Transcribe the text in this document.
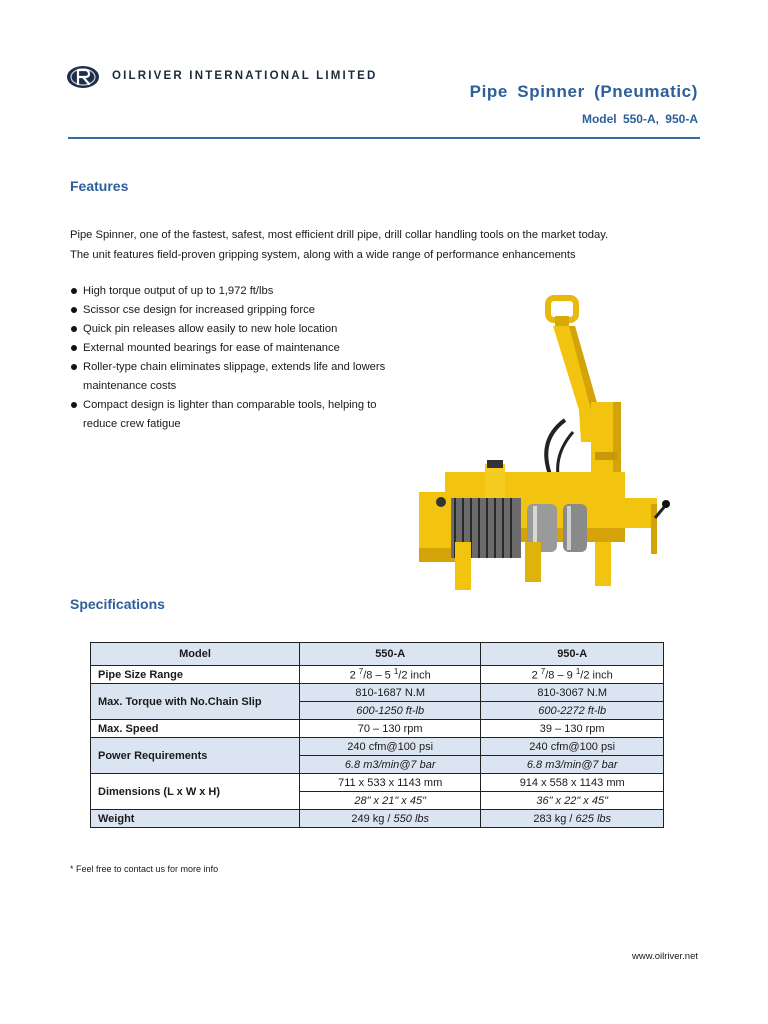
OILRIVER INTERNATIONAL LIMITED
Pipe Spinner (Pneumatic)
Model 550-A, 950-A
Features
Pipe Spinner, one of the fastest, safest, most efficient drill pipe, drill collar handling tools on the market today.
The unit features field-proven gripping system, along with a wide range of performance enhancements
High torque output of up to 1,972 ft/lbs
Scissor cse design for increased gripping force
Quick pin releases allow easily to new hole location
External mounted bearings for ease of maintenance
Roller-type chain eliminates slippage, extends life and lowers maintenance costs
Compact design is lighter than comparable tools, helping to reduce crew fatigue
Specifications
Model	550-A	950-A
Pipe Size Range	2 $^7$/8 – 5 $^1$/2 inch	2 $^7$/8 – 9 $^1$/2 inch
Max. Torque with No.Chain Slip	810-1687 N.M	810-3067 N.M
	600-1250 ft-lb	600-2272 ft-lb
Max. Speed	70 – 130 rpm	39 – 130 rpm
Power Requirements	240 cfm@100 psi	240 cfm@100 psi
	6.8 m3/min@7 bar	6.8 m3/min@7 bar
Dimensions (L x W x H)	711 x 533 x 1143 mm	914 x 558 x 1143 mm
	28" x 21" x 45"	36" x 22" x 45"
Weight	249 kg / 550 lbs	283 kg / 625 lbs
* Feel free to contact us for more info
www.oilriver.net
